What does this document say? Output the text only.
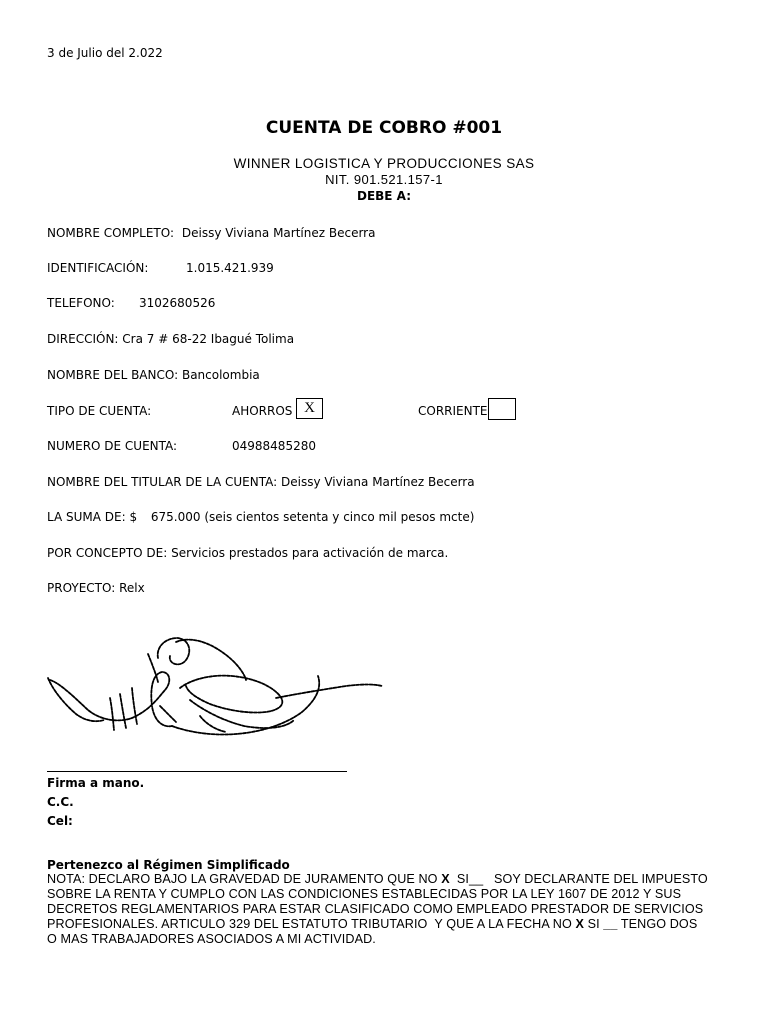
3 de Julio del 2.022
CUENTA DE COBRO #001
WINNER LOGISTICA Y PRODUCCIONES SAS
NIT. 901.521.157-1
DEBE A:
NOMBRE COMPLETO: Deissy Viviana Martínez Becerra
IDENTIFICACIÓN:	1.015.421.939
TELEFONO: 3102680526
DIRECCIÓN: Cra 7 # 68-22 Ibagué Tolima
NOMBRE DEL BANCO: Bancolombia
TIPO DE CUENTA:	AHORROS X	CORRIENTE
NUMERO DE CUENTA:	04988485280
NOMBRE DEL TITULAR DE LA CUENTA: Deissy Viviana Martínez Becerra
LA SUMA DE: $ 675.000 (seis cientos setenta y cinco mil pesos mcte)
POR CONCEPTO DE: Servicios prestados para activación de marca.
PROYECTO: Relx
Firma a mano.
C.C.
Cel:
Pertenezco al Régimen Simplificado
NOTA: DECLARO BAJO LA GRAVEDAD DE JURAMENTO QUE NO X  SI__   SOY DECLARANTE DEL IMPUESTO
SOBRE LA RENTA Y CUMPLO CON LAS CONDICIONES ESTABLECIDAS POR LA LEY 1607 DE 2012 Y SUS
DECRETOS REGLAMENTARIOS PARA ESTAR CLASIFICADO COMO EMPLEADO PRESTADOR DE SERVICIOS
PROFESIONALES. ARTICULO 329 DEL ESTATUTO TRIBUTARIO  Y QUE A LA FECHA NO X SI __ TENGO DOS
O MAS TRABAJADORES ASOCIADOS A MI ACTIVIDAD.
